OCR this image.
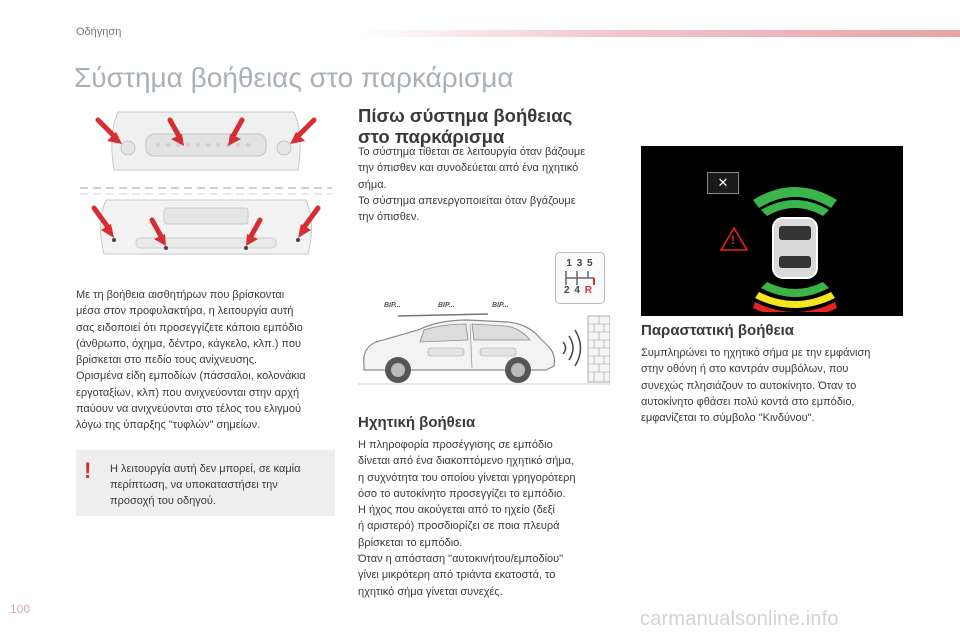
Οδήγηση
Σύστημα βοήθειας στο παρκάρισμα
Με τη βοήθεια αισθητήρων που βρίσκονται
μέσα στον προφυλακτήρα, η λειτουργία αυτή
σας ειδοποιεί ότι προσεγγίζετε κάποιο εμπόδιο
(άνθρωπο, όχημα, δέντρο, κάγκελο, κλπ.) που
βρίσκεται στο πεδίο τους ανίχνευσης.
Ορισμένα είδη εμποδίων (πάσσαλοι, κολονάκια
εργοταξίων, κλπ) που ανιχνεύονται στην αρχή
παύουν να ανιχνεύονται στο τέλος του ελιγμού
λόγω της ύπαρξης "τυφλών" σημείων.
! Η λειτουργία αυτή δεν μπορεί, σε καμία
περίπτωση, να υποκαταστήσει την
προσοχή του οδηγού.
Πίσω σύστημα βοήθειας
στο παρκάρισμα
Το σύστημα τίθεται σε λειτουργία όταν βάζουμε
την όπισθεν και συνοδεύεται από ένα ηχητικό
σήμα.
Το σύστημα απενεργοποιείται όταν βγάζουμε
την όπισθεν.
1 3 5
2 4 R
BIP...	BIP...	BIP...
Ηχητική βοήθεια
Η πληροφορία προσέγγισης σε εμπόδιο
δίνεται από ένα διακοπτόμενο ηχητικό σήμα,
η συχνότητα του οποίου γίνεται γρηγορότερη
όσο το αυτοκίνητο προσεγγίζει το εμπόδιο.
Η ήχος που ακούγεται από το ηχείο (δεξί
ή αριστερό) προσδιορίζει σε ποια πλευρά
βρίσκεται το εμπόδιο.
Όταν η απόσταση "αυτοκινήτου/εμποδίου"
γίνει μικρότερη από τριάντα εκατοστά, το
ηχητικό σήμα γίνεται συνεχές.
✕
!
Παραστατική βοήθεια
Συμπληρώνει το ηχητικό σήμα με την εμφάνιση
στην οθόνη ή στο καντράν συμβόλων, που
συνεχώς πλησιάζουν το αυτοκίνητο. Όταν το
αυτοκίνητο φθάσει πολύ κοντά στο εμπόδιο,
εμφανίζεται το σύμβολο "Κινδύνου".
100	carmanualsonline.info
